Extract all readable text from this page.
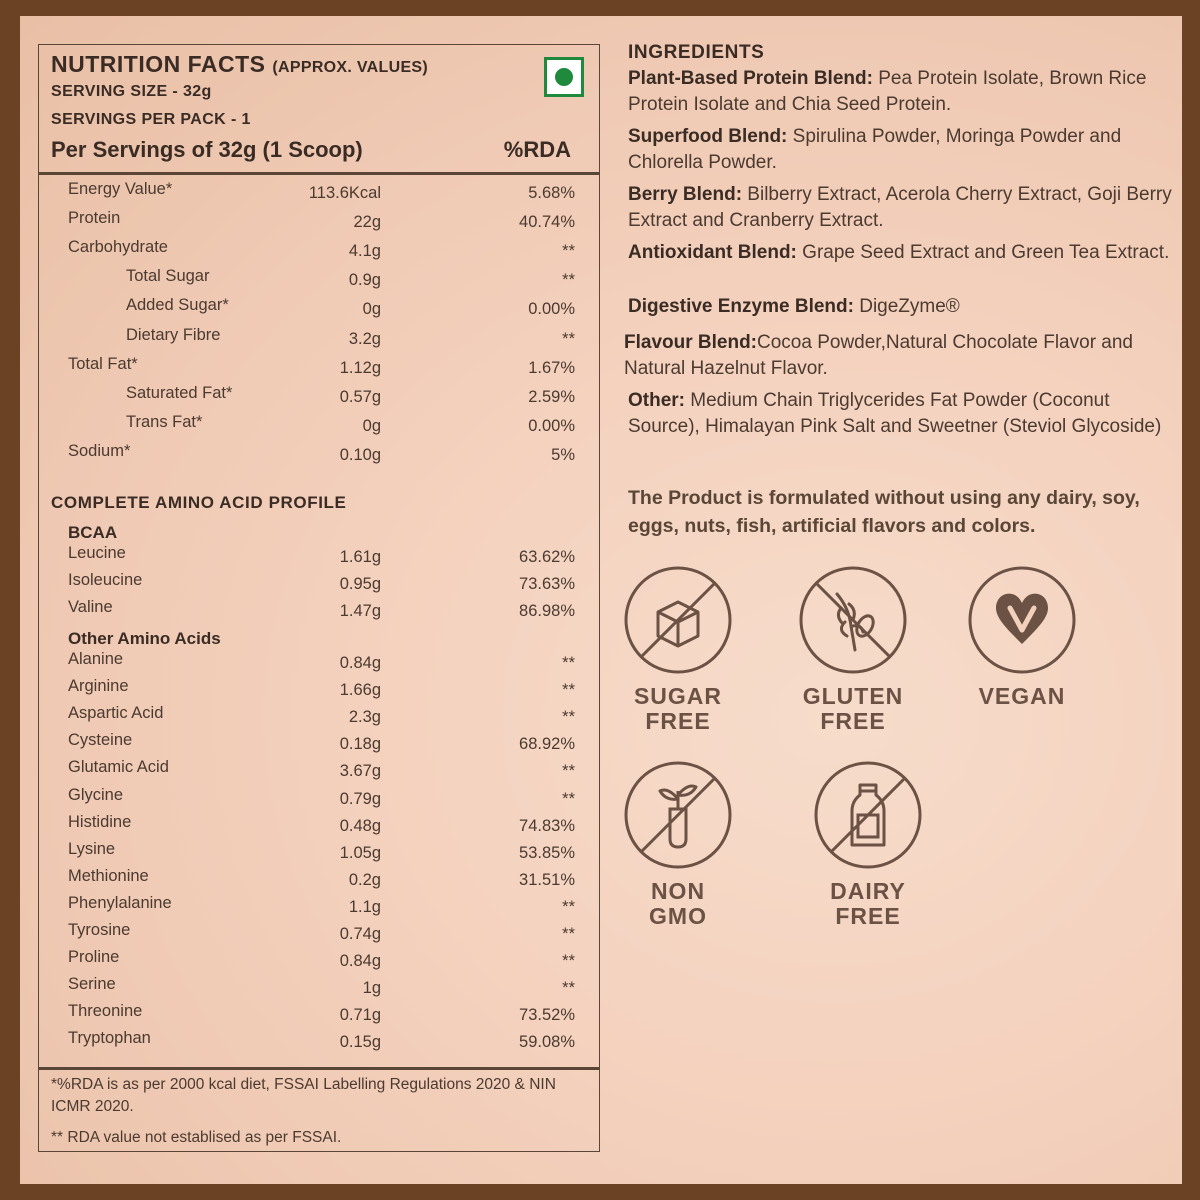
NUTRITION FACTS (APPROX. VALUES)
SERVING SIZE - 32g
SERVINGS PER PACK - 1
Per Servings of 32g (1 Scoop)	%RDA
Energy Value*	113.6Kcal	5.68%
Protein	22g	40.74%
Carbohydrate	4.1g	**
Total Sugar	0.9g	**
Added Sugar*	0g	0.00%
Dietary Fibre	3.2g	**
Total Fat*	1.12g	1.67%
Saturated Fat*	0.57g	2.59%
Trans Fat*	0g	0.00%
Sodium*	0.10g	5%
COMPLETE AMINO ACID PROFILE
BCAA
Leucine	1.61g	63.62%
Isoleucine	0.95g	73.63%
Valine	1.47g	86.98%
Other Amino Acids
Alanine	0.84g	**
Arginine	1.66g	**
Aspartic Acid	2.3g	**
Cysteine	0.18g	68.92%
Glutamic Acid	3.67g	**
Glycine	0.79g	**
Histidine	0.48g	74.83%
Lysine	1.05g	53.85%
Methionine	0.2g	31.51%
Phenylalanine	1.1g	**
Tyrosine	0.74g	**
Proline	0.84g	**
Serine	1g	**
Threonine	0.71g	73.52%
Tryptophan	0.15g	59.08%
*%RDA is as per 2000 kcal diet, FSSAI Labelling Regulations 2020 & NIN ICMR 2020.
** RDA value not establised as per FSSAI.
INGREDIENTS
Plant-Based Protein Blend: Pea Protein Isolate, Brown Rice Protein Isolate and Chia Seed Protein.
Superfood Blend: Spirulina Powder, Moringa Powder and Chlorella Powder.
Berry Blend: Bilberry Extract, Acerola Cherry Extract, Goji Berry Extract and Cranberry Extract.
Antioxidant Blend: Grape Seed Extract and Green Tea Extract.
Digestive Enzyme Blend: DigeZyme®
Flavour Blend:Cocoa Powder,Natural Chocolate Flavor and Natural Hazelnut Flavor.
Other: Medium Chain Triglycerides Fat Powder (Coconut Source), Himalayan Pink Salt and Sweetner (Steviol Glycoside)
The Product is formulated without using any dairy, soy, eggs, nuts, fish, artificial flavors and colors.
SUGAR
FREE
GLUTEN
FREE
VEGAN
NON
GMO
DAIRY
FREE
